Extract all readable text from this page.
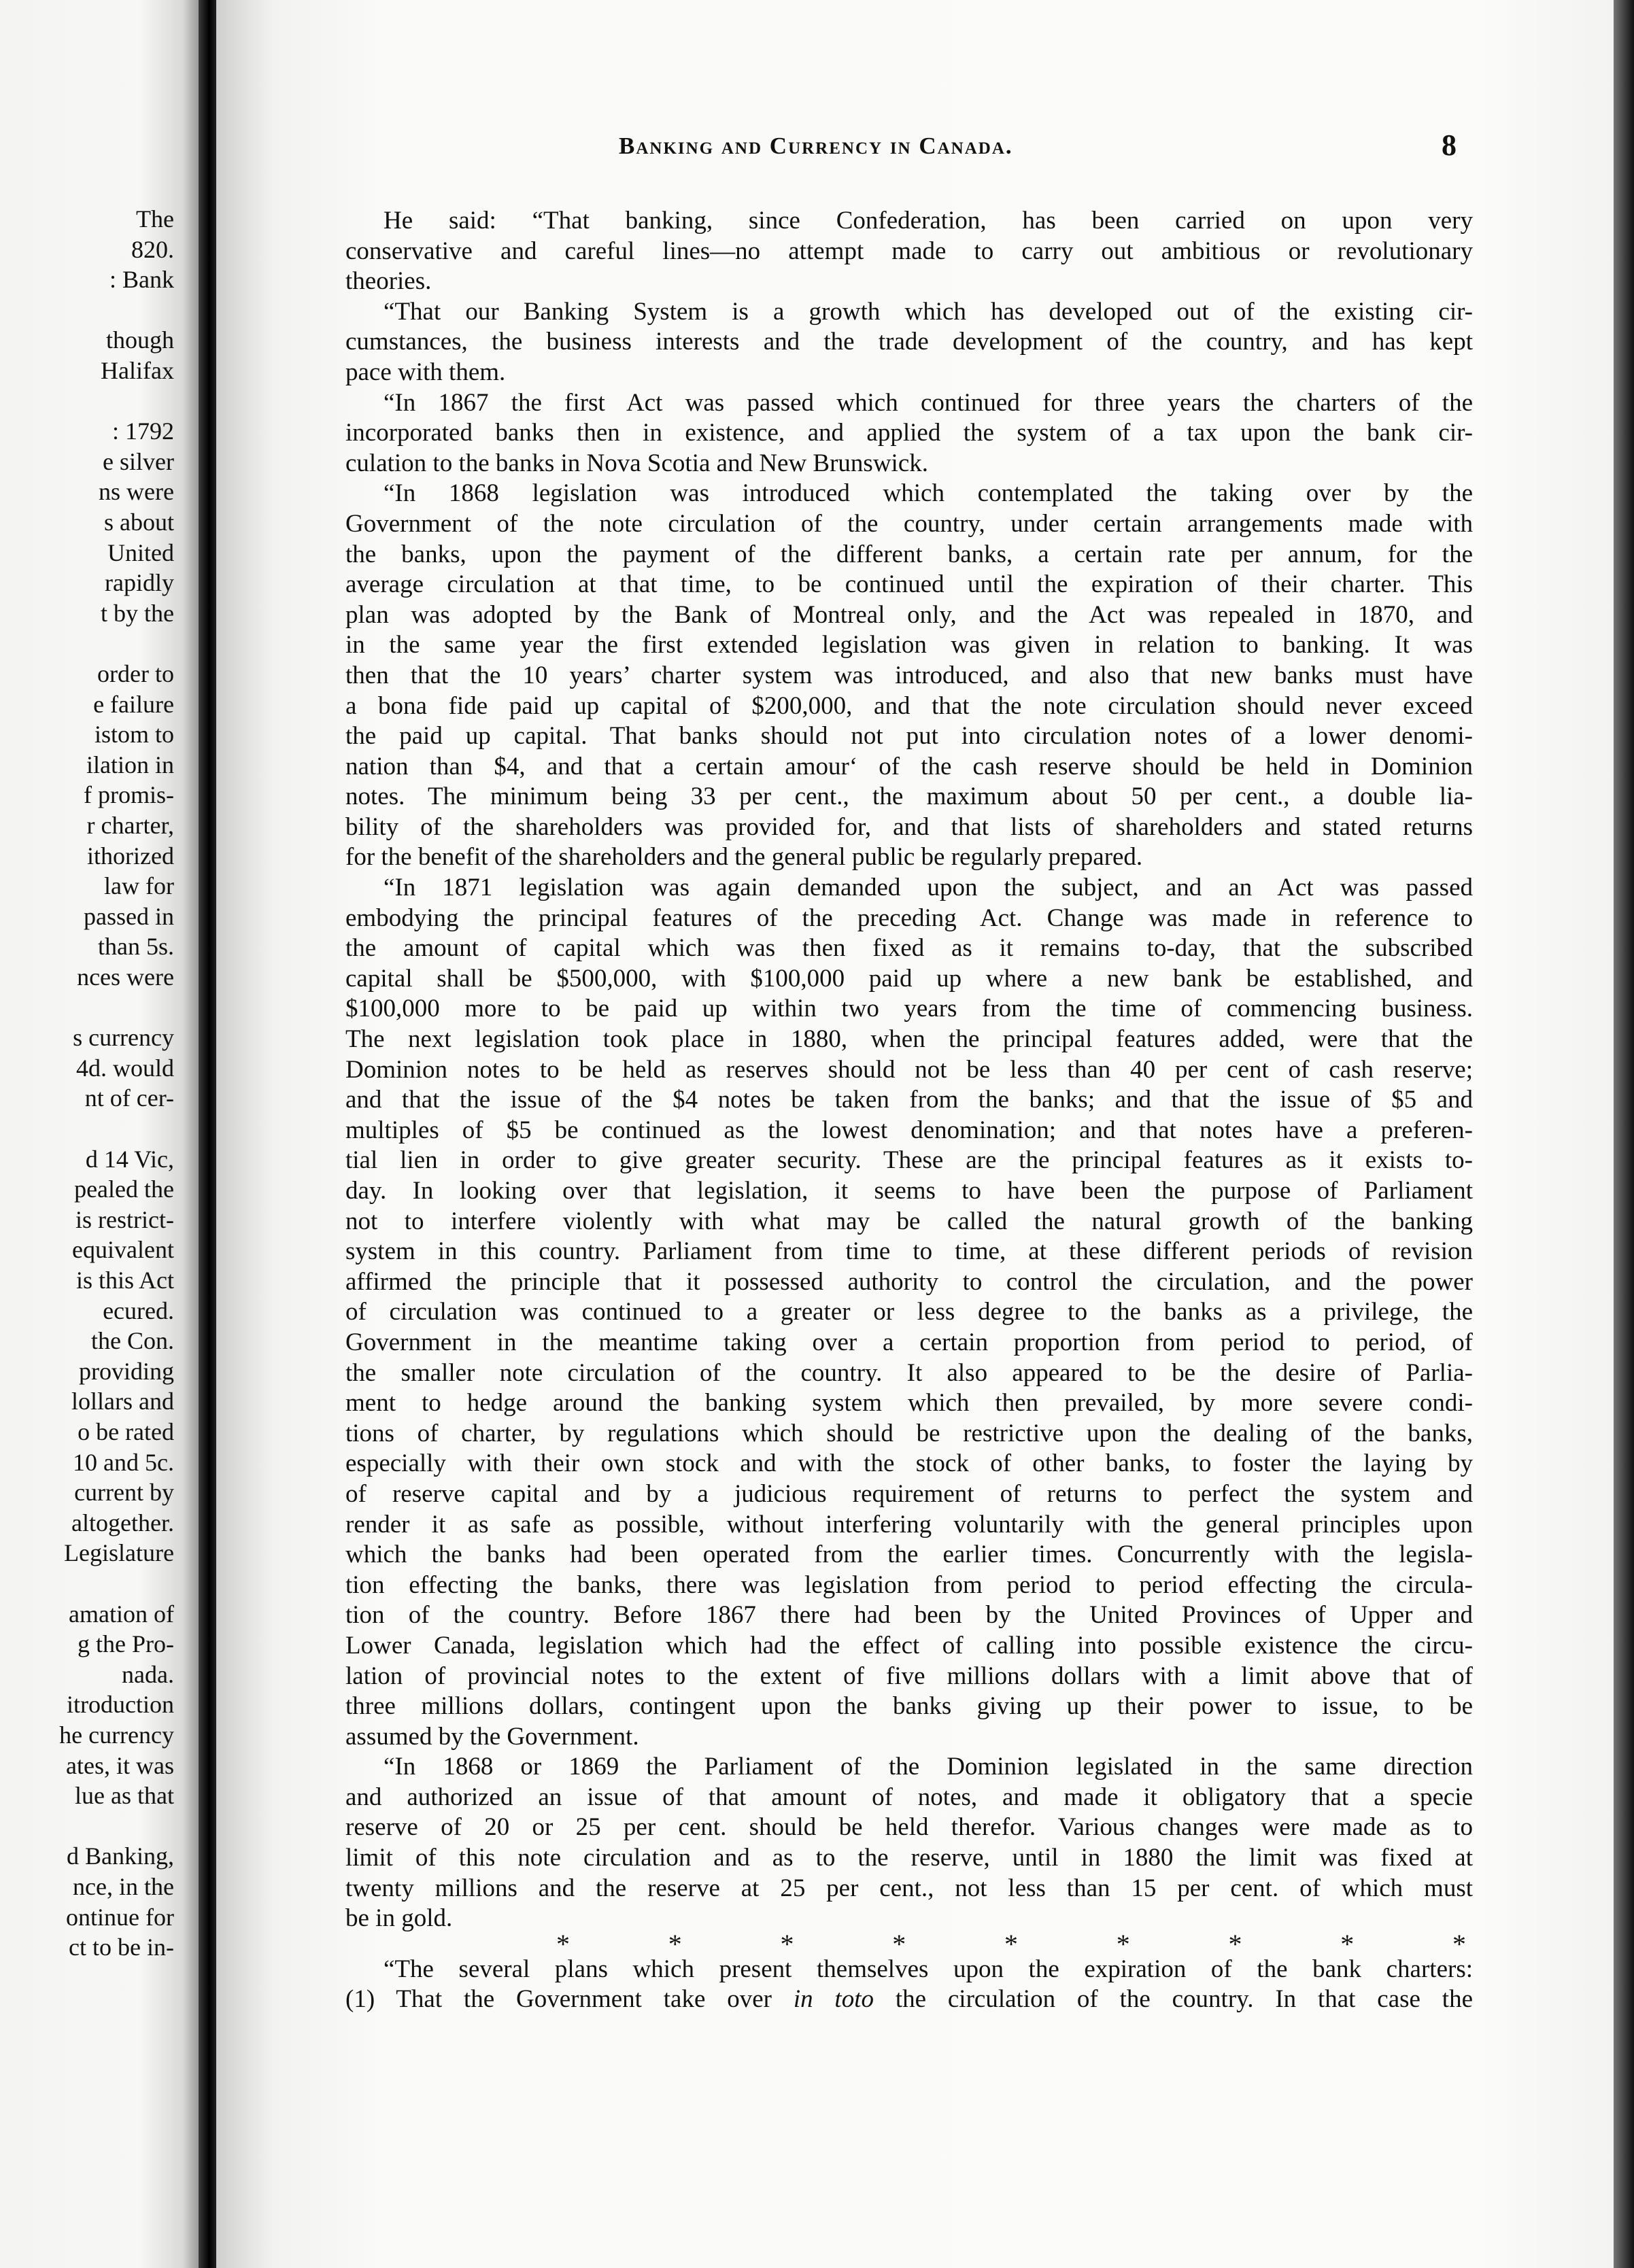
The
820.
: Bank
though
Halifax
: 1792
e silver
ns were
s about
United
rapidly
t by the
order to
e failure
istom to
ilation in
f promis-
r charter,
ithorized
law for
passed in
than 5s.
nces were
s currency
4d. would
nt of cer-
d 14 Vic,
pealed the
is restrict-
equivalent
is this Act
ecured.
the Con.
providing
lollars and
o be rated
10 and 5c.
current by
altogether.
Legislature
amation of
g the Pro-
nada.
itroduction
he currency
ates, it was
lue as that
d Banking,
nce, in the
ontinue for
ct to be in-
Banking and Currency in Canada.	8
He said: “That banking, since Confederation, has been carried on upon very
conservative and careful lines—no attempt made to carry out ambitious or revolutionary
theories.
“That our Banking System is a growth which has developed out of the existing cir-
cumstances, the business interests and the trade development of the country, and has kept
pace with them.
“In 1867 the first Act was passed which continued for three years the charters of the
incorporated banks then in existence, and applied the system of a tax upon the bank cir-
culation to the banks in Nova Scotia and New Brunswick.
“In 1868 legislation was introduced which contemplated the taking over by the
Government of the note circulation of the country, under certain arrangements made with
the banks, upon the payment of the different banks, a certain rate per annum, for the
average circulation at that time, to be continued until the expiration of their charter. This
plan was adopted by the Bank of Montreal only, and the Act was repealed in 1870, and
in the same year the first extended legislation was given in relation to banking. It was
then that the 10 years’ charter system was introduced, and also that new banks must have
a bona fide paid up capital of $200,000, and that the note circulation should never exceed
the paid up capital. That banks should not put into circulation notes of a lower denomi-
nation than $4, and that a certain amour‘ of the cash reserve should be held in Dominion
notes. The minimum being 33 per cent., the maximum about 50 per cent., a double lia-
bility of the shareholders was provided for, and that lists of shareholders and stated returns
for the benefit of the shareholders and the general public be regularly prepared.
“In 1871 legislation was again demanded upon the subject, and an Act was passed
embodying the principal features of the preceding Act. Change was made in reference to
the amount of capital which was then fixed as it remains to-day, that the subscribed
capital shall be $500,000, with $100,000 paid up where a new bank be established, and
$100,000 more to be paid up within two years from the time of commencing business.
The next legislation took place in 1880, when the principal features added, were that the
Dominion notes to be held as reserves should not be less than 40 per cent of cash reserve;
and that the issue of the $4 notes be taken from the banks; and that the issue of $5 and
multiples of $5 be continued as the lowest denomination; and that notes have a preferen-
tial lien in order to give greater security. These are the principal features as it exists to-
day. In looking over that legislation, it seems to have been the purpose of Parliament
not to interfere violently with what may be called the natural growth of the banking
system in this country. Parliament from time to time, at these different periods of revision
affirmed the principle that it possessed authority to control the circulation, and the power
of circulation was continued to a greater or less degree to the banks as a privilege, the
Government in the meantime taking over a certain proportion from period to period, of
the smaller note circulation of the country. It also appeared to be the desire of Parlia-
ment to hedge around the banking system which then prevailed, by more severe condi-
tions of charter, by regulations which should be restrictive upon the dealing of the banks,
especially with their own stock and with the stock of other banks, to foster the laying by
of reserve capital and by a judicious requirement of returns to perfect the system and
render it as safe as possible, without interfering voluntarily with the general principles upon
which the banks had been operated from the earlier times. Concurrently with the legisla-
tion effecting the banks, there was legislation from period to period effecting the circula-
tion of the country. Before 1867 there had been by the United Provinces of Upper and
Lower Canada, legislation which had the effect of calling into possible existence the circu-
lation of provincial notes to the extent of five millions dollars with a limit above that of
three millions dollars, contingent upon the banks giving up their power to issue, to be
assumed by the Government.
“In 1868 or 1869 the Parliament of the Dominion legislated in the same direction
and authorized an issue of that amount of notes, and made it obligatory that a specie
reserve of 20 or 25 per cent. should be held therefor. Various changes were made as to
limit of this note circulation and as to the reserve, until in 1880 the limit was fixed at
twenty millions and the reserve at 25 per cent., not less than 15 per cent. of which must
be in gold.
*	*	*	*	*	*	*	*	*
“The several plans which present themselves upon the expiration of the bank charters:
(1) That the Government take over in toto the circulation of the country. In that case the
